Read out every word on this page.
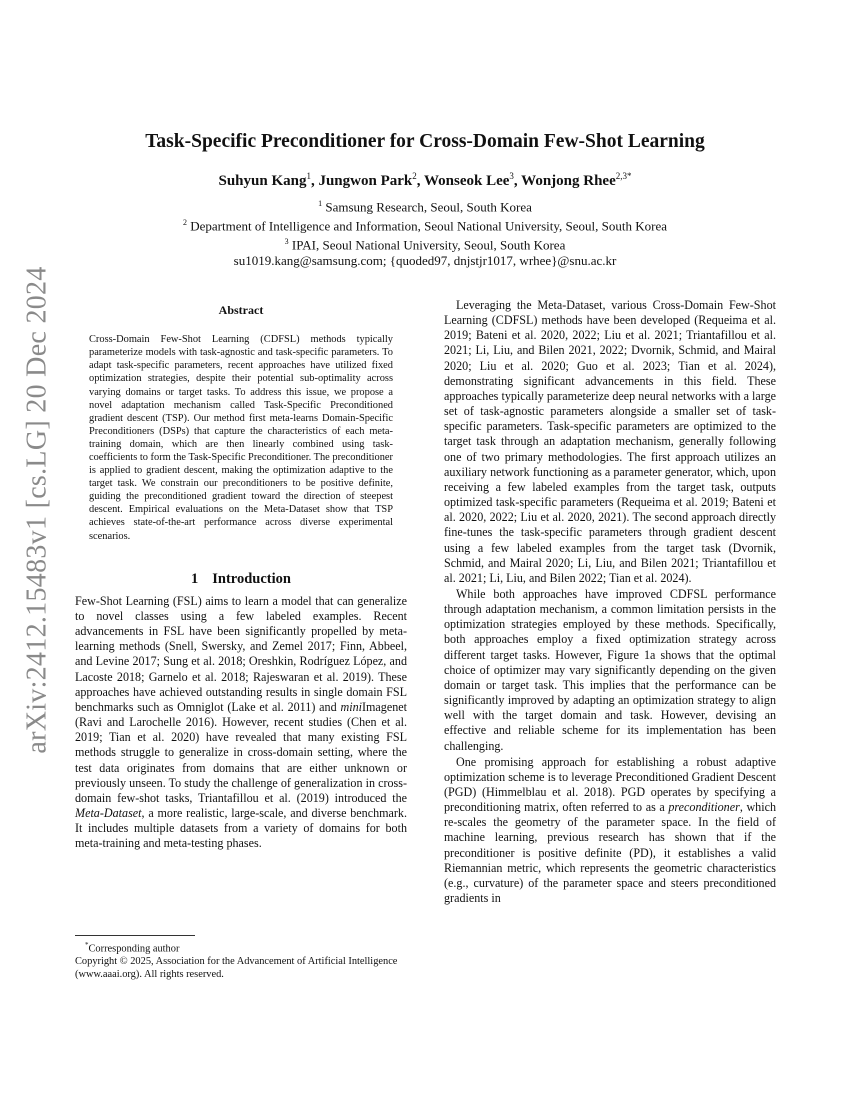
arXiv:2412.15483v1 [cs.LG] 20 Dec 2024
Task-Specific Preconditioner for Cross-Domain Few-Shot Learning
Suhyun Kang$^1$, Jungwon Park$^2$, Wonseok Lee$^3$, Wonjong Rhee$^{2,3*}$
$^1$ Samsung Research, Seoul, South Korea
$^2$ Department of Intelligence and Information, Seoul National University, Seoul, South Korea
$^3$ IPAI, Seoul National University, Seoul, South Korea
su1019.kang@samsung.com; {quoded97, dnjstjr1017, wrhee}@snu.ac.kr
Abstract
Cross-Domain Few-Shot Learning (CDFSL) methods typically parameterize models with task-agnostic and task-specific parameters. To adapt task-specific parameters, recent approaches have utilized fixed optimization strategies, despite their potential sub-optimality across varying domains or target tasks. To address this issue, we propose a novel adaptation mechanism called Task-Specific Preconditioned gradient descent (TSP). Our method first meta-learns Domain-Specific Preconditioners (DSPs) that capture the characteristics of each meta-training domain, which are then linearly combined using task-coefficients to form the Task-Specific Preconditioner. The preconditioner is applied to gradient descent, making the optimization adaptive to the target task. We constrain our preconditioners to be positive definite, guiding the preconditioned gradient toward the direction of steepest descent. Empirical evaluations on the Meta-Dataset show that TSP achieves state-of-the-art performance across diverse experimental scenarios.
1 Introduction

Few-Shot Learning (FSL) aims to learn a model that can generalize to novel classes using a few labeled examples. Recent advancements in FSL have been significantly propelled by meta-learning methods (Snell, Swersky, and Zemel 2017; Finn, Abbeel, and Levine 2017; Sung et al. 2018; Oreshkin, Rodríguez López, and Lacoste 2018; Garnelo et al. 2018; Rajeswaran et al. 2019). These approaches have achieved outstanding results in single domain FSL benchmarks such as Omniglot (Lake et al. 2011) and miniImagenet (Ravi and Larochelle 2016). However, recent studies (Chen et al. 2019; Tian et al. 2020) have revealed that many existing FSL methods struggle to generalize in cross-domain setting, where the test data originates from domains that are either unknown or previously unseen. To study the challenge of generalization in cross-domain few-shot tasks, Triantafillou et al. (2019) introduced the Meta-Dataset, a more realistic, large-scale, and diverse benchmark. It includes multiple datasets from a variety of domains for both meta-training and meta-testing phases.

*Corresponding author
Copyright © 2025, Association for the Advancement of Artificial Intelligence (www.aaai.org). All rights reserved.

Leveraging the Meta-Dataset, various Cross-Domain Few-Shot Learning (CDFSL) methods have been developed (Requeima et al. 2019; Bateni et al. 2020, 2022; Liu et al. 2021; Triantafillou et al. 2021; Li, Liu, and Bilen 2021, 2022; Dvornik, Schmid, and Mairal 2020; Liu et al. 2020; Guo et al. 2023; Tian et al. 2024), demonstrating significant advancements in this field. These approaches typically parameterize deep neural networks with a large set of task-agnostic parameters alongside a smaller set of task-specific parameters. Task-specific parameters are optimized to the target task through an adaptation mechanism, generally following one of two primary methodologies. The first approach utilizes an auxiliary network functioning as a parameter generator, which, upon receiving a few labeled examples from the target task, outputs optimized task-specific parameters (Requeima et al. 2019; Bateni et al. 2020, 2022; Liu et al. 2020, 2021). The second approach directly fine-tunes the task-specific parameters through gradient descent using a few labeled examples from the target task (Dvornik, Schmid, and Mairal 2020; Li, Liu, and Bilen 2021; Triantafillou et al. 2021; Li, Liu, and Bilen 2022; Tian et al. 2024).

While both approaches have improved CDFSL performance through adaptation mechanism, a common limitation persists in the optimization strategies employed by these methods. Specifically, both approaches employ a fixed optimization strategy across different target tasks. However, Figure 1a shows that the optimal choice of optimizer may vary significantly depending on the given domain or target task. This implies that the performance can be significantly improved by adapting an optimization strategy to align well with the target domain and task. However, devising an effective and reliable scheme for its implementation has been challenging.

One promising approach for establishing a robust adaptive optimization scheme is to leverage Preconditioned Gradient Descent (PGD) (Himmelblau et al. 2018). PGD operates by specifying a preconditioning matrix, often referred to as a preconditioner, which re-scales the geometry of the parameter space. In the field of machine learning, previous research has shown that if the preconditioner is positive definite (PD), it establishes a valid Riemannian metric, which represents the geometric characteristics (e.g., curvature) of the parameter space and steers preconditioned gradients in
